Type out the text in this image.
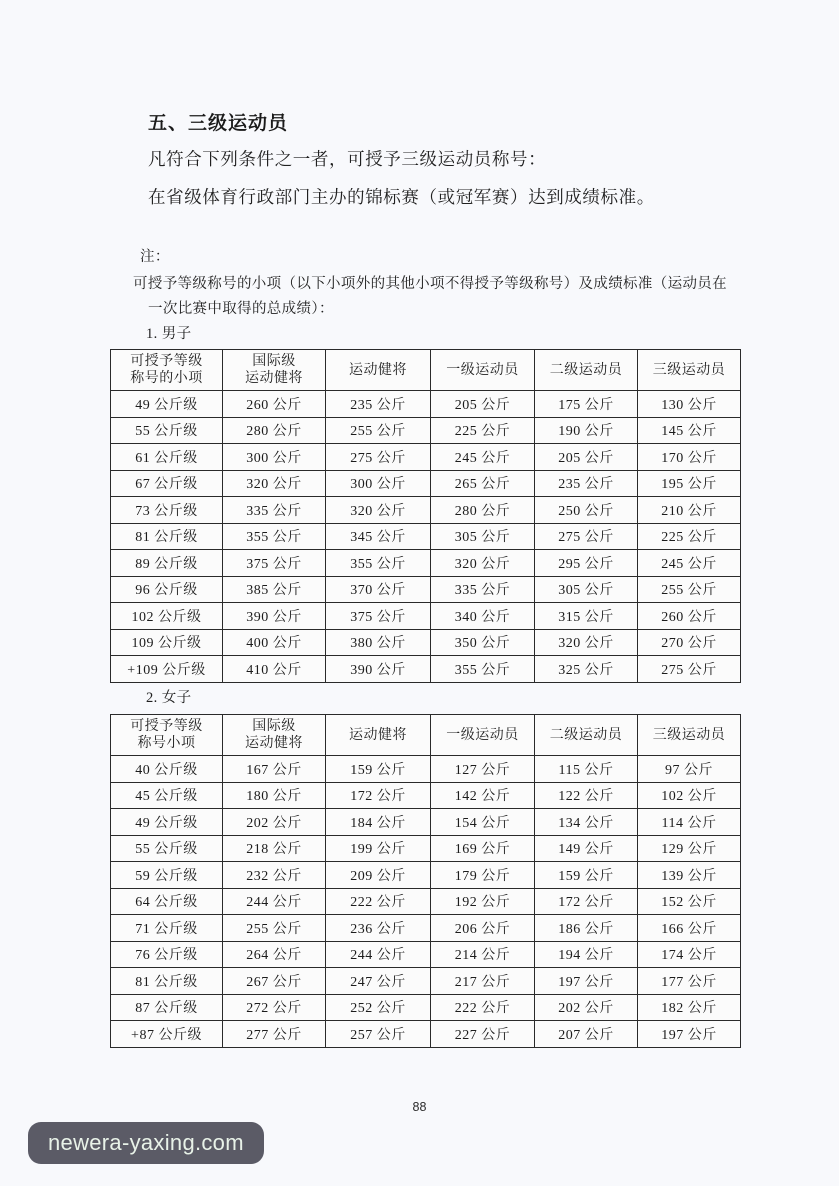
五、三级运动员
凡符合下列条件之一者，可授予三级运动员称号：
在省级体育行政部门主办的锦标赛（或冠军赛）达到成绩标准。
注：
可授予等级称号的小项（以下小项外的其他小项不得授予等级称号）及成绩标准（运动员在
一次比赛中取得的总成绩）：
1. 男子
可授予等级
称号的小项	国际级
运动健将	运动健将	一级运动员	二级运动员	三级运动员
49 公斤级	260 公斤	235 公斤	205 公斤	175 公斤	130 公斤
55 公斤级	280 公斤	255 公斤	225 公斤	190 公斤	145 公斤
61 公斤级	300 公斤	275 公斤	245 公斤	205 公斤	170 公斤
67 公斤级	320 公斤	300 公斤	265 公斤	235 公斤	195 公斤
73 公斤级	335 公斤	320 公斤	280 公斤	250 公斤	210 公斤
81 公斤级	355 公斤	345 公斤	305 公斤	275 公斤	225 公斤
89 公斤级	375 公斤	355 公斤	320 公斤	295 公斤	245 公斤
96 公斤级	385 公斤	370 公斤	335 公斤	305 公斤	255 公斤
102 公斤级	390 公斤	375 公斤	340 公斤	315 公斤	260 公斤
109 公斤级	400 公斤	380 公斤	350 公斤	320 公斤	270 公斤
+109 公斤级	410 公斤	390 公斤	355 公斤	325 公斤	275 公斤
2. 女子
可授予等级
称号小项	国际级
运动健将	运动健将	一级运动员	二级运动员	三级运动员
40 公斤级	167 公斤	159 公斤	127 公斤	115 公斤	97 公斤
45 公斤级	180 公斤	172 公斤	142 公斤	122 公斤	102 公斤
49 公斤级	202 公斤	184 公斤	154 公斤	134 公斤	114 公斤
55 公斤级	218 公斤	199 公斤	169 公斤	149 公斤	129 公斤
59 公斤级	232 公斤	209 公斤	179 公斤	159 公斤	139 公斤
64 公斤级	244 公斤	222 公斤	192 公斤	172 公斤	152 公斤
71 公斤级	255 公斤	236 公斤	206 公斤	186 公斤	166 公斤
76 公斤级	264 公斤	244 公斤	214 公斤	194 公斤	174 公斤
81 公斤级	267 公斤	247 公斤	217 公斤	197 公斤	177 公斤
87 公斤级	272 公斤	252 公斤	222 公斤	202 公斤	182 公斤
+87 公斤级	277 公斤	257 公斤	227 公斤	207 公斤	197 公斤
88
newera-yaxing.com
